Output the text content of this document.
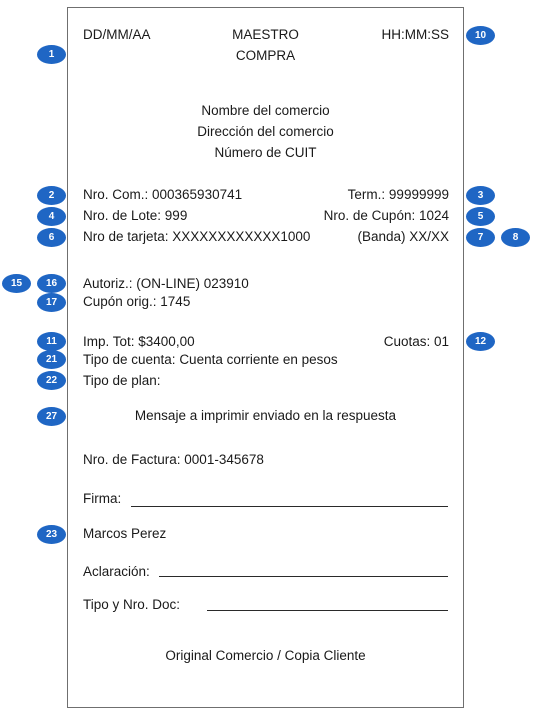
DD/MM/AA	MAESTRO
COMPRA
HH:MM:SS
Nombre del comercio
Dirección del comercio
Número de CUIT
Nro. Com.: 000365930741	Term.: 99999999
Nro. de Lote: 999	Nro. de Cupón: 1024
Nro de tarjeta: XXXXXXXXXXXX1000	(Banda) XX/XX
Autoriz.: (ON-LINE) 023910
Cupón orig.: 1745
Imp. Tot: $3400,00	Cuotas: 01
Tipo de cuenta: Cuenta corriente en pesos
Tipo de plan:
Mensaje a imprimir enviado en la respuesta
Nro. de Factura: 0001-345678
Firma:
Marcos Perez
Aclaración:
Tipo y Nro. Doc:
Original Comercio / Copia Cliente
1
10
2	3
4	5
6	7	8
15	16
17
11	12
21
22
27
23
